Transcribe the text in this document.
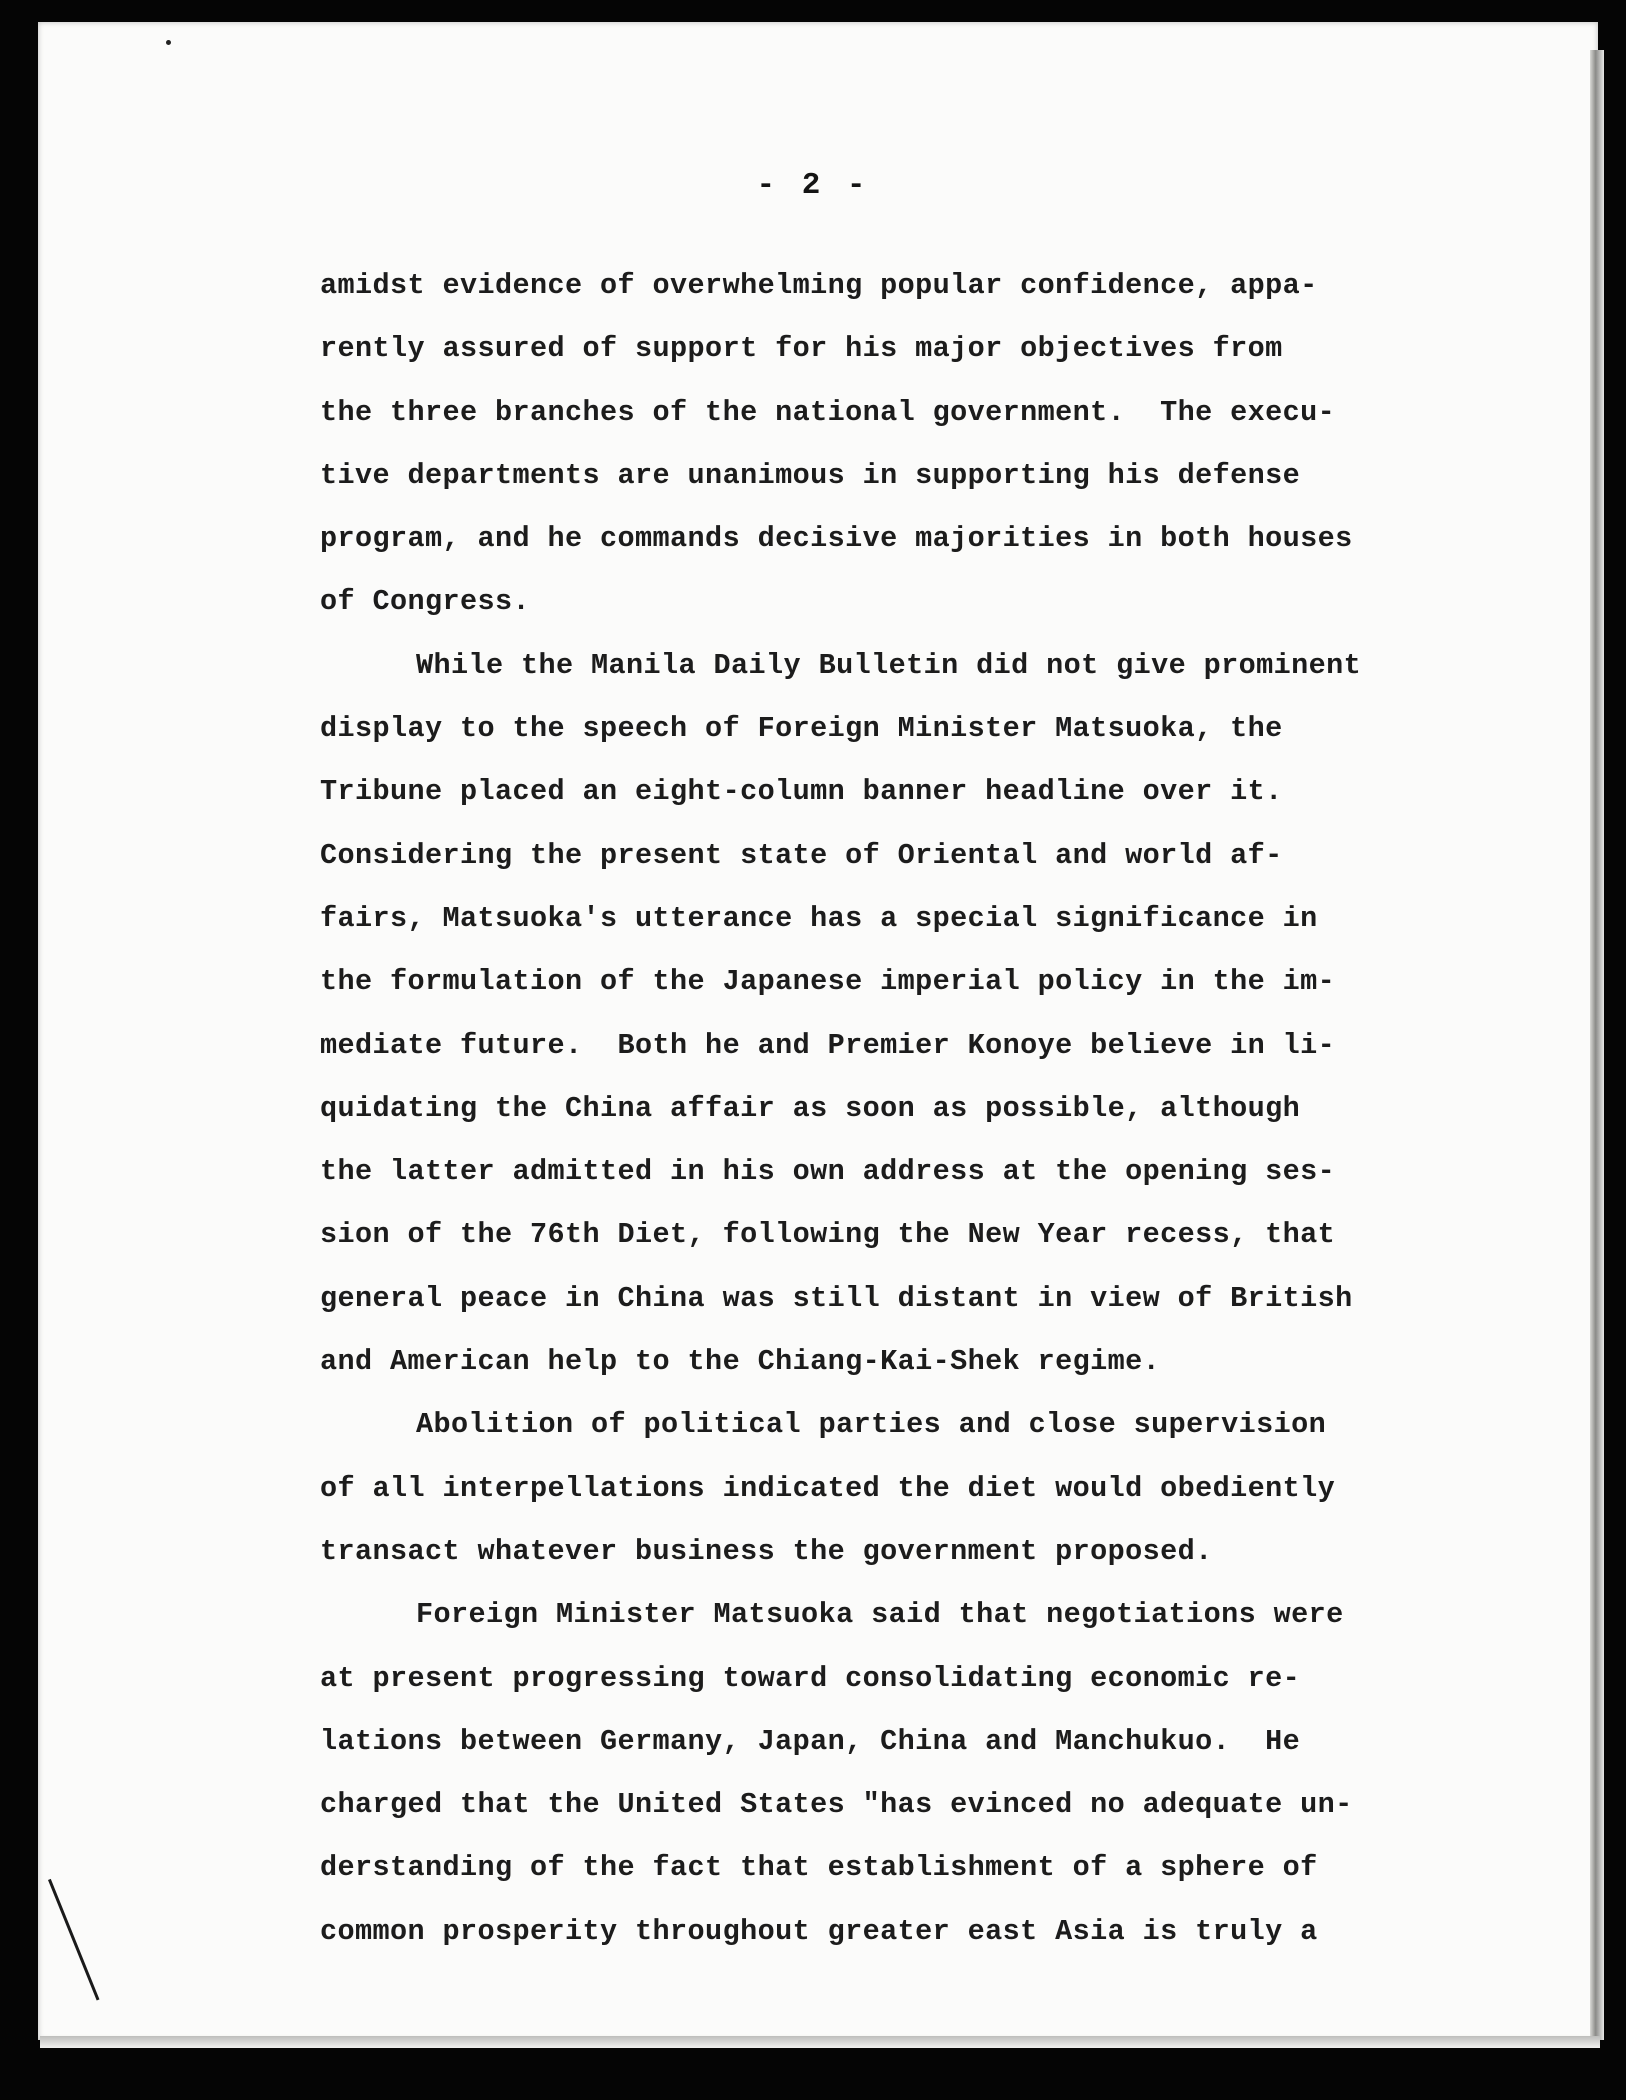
- 2 -
amidst evidence of overwhelming popular confidence, appa-
rently assured of support for his major objectives from
the three branches of the national government.  The execu-
tive departments are unanimous in supporting his defense
program, and he commands decisive majorities in both houses
of Congress.
While the Manila Daily Bulletin did not give prominent
display to the speech of Foreign Minister Matsuoka, the
Tribune placed an eight-column banner headline over it.
Considering the present state of Oriental and world af-
fairs, Matsuoka's utterance has a special significance in
the formulation of the Japanese imperial policy in the im-
mediate future.  Both he and Premier Konoye believe in li-
quidating the China affair as soon as possible, although
the latter admitted in his own address at the opening ses-
sion of the 76th Diet, following the New Year recess, that
general peace in China was still distant in view of British
and American help to the Chiang-Kai-Shek regime.
Abolition of political parties and close supervision
of all interpellations indicated the diet would obediently
transact whatever business the government proposed.
Foreign Minister Matsuoka said that negotiations were
at present progressing toward consolidating economic re-
lations between Germany, Japan, China and Manchukuo.  He
charged that the United States "has evinced no adequate un-
derstanding of the fact that establishment of a sphere of
common prosperity throughout greater east Asia is truly a
